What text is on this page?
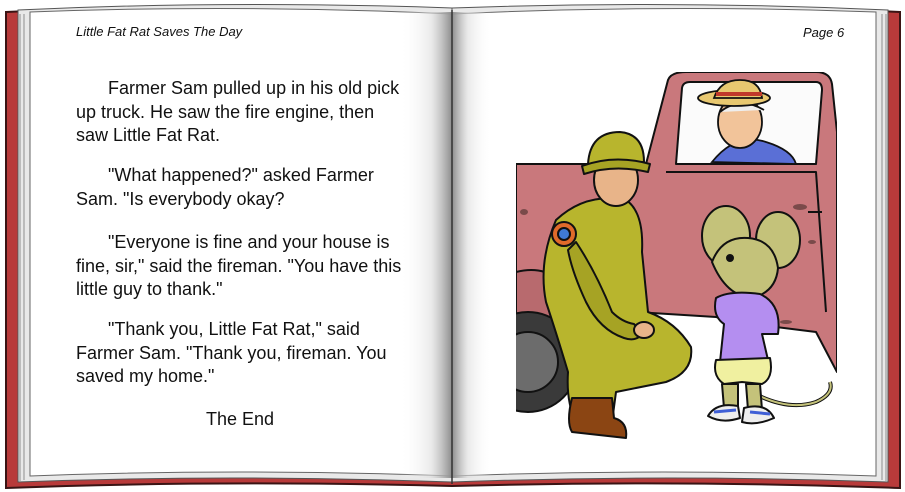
Little Fat Rat Saves The Day	Page 6
Farmer Sam pulled up in his old pick up truck. He saw the fire engine, then saw Little Fat Rat.
"What happened?" asked Farmer Sam. "Is everybody okay?
"Everyone is fine and your house is fine, sir," said the fireman. "You have this little guy to thank."
"Thank you, Little Fat Rat," said Farmer Sam. "Thank you, fireman. You saved my home."
The End
